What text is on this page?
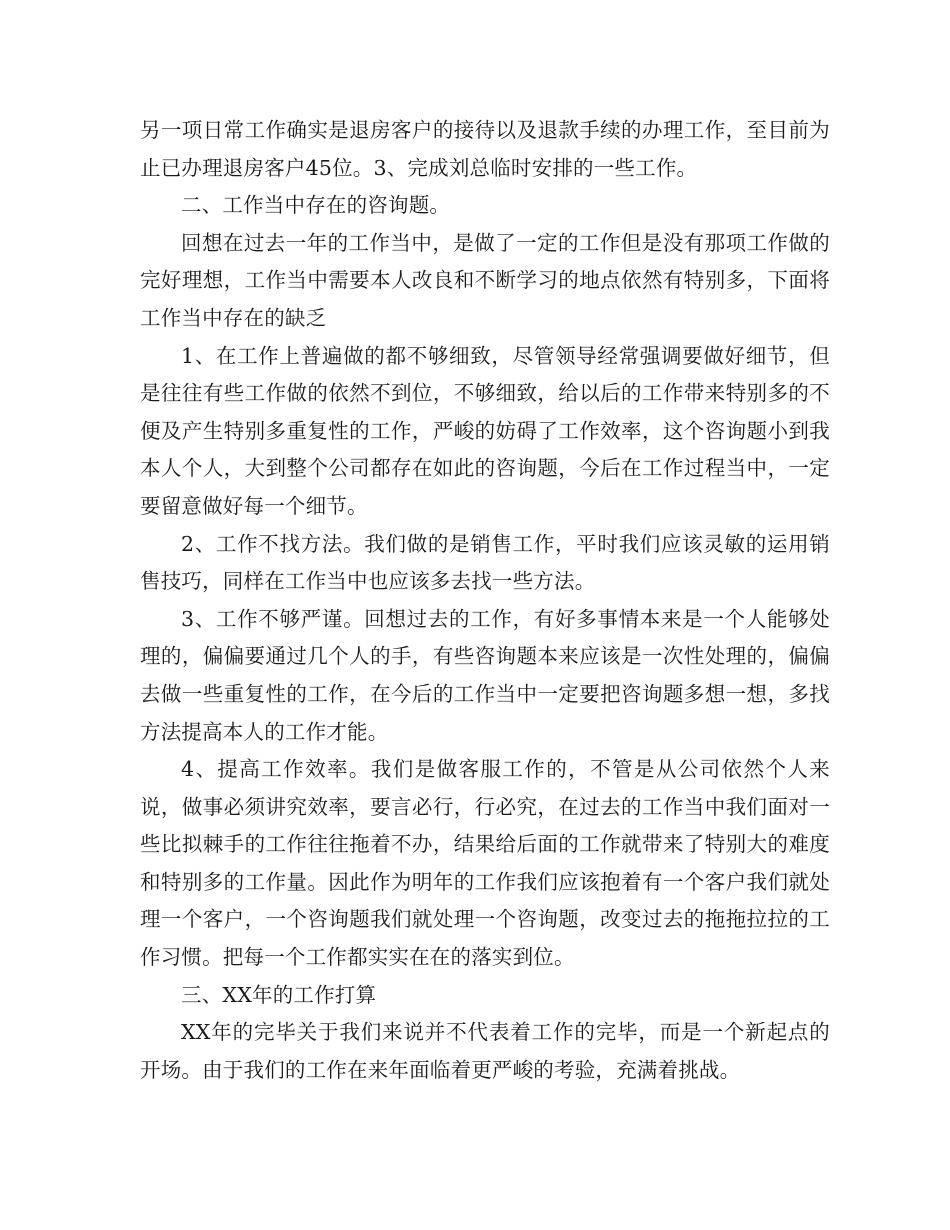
另一项日常工作确实是退房客户的接待以及退款手续的办理工作，至目前为止已办理退房客户45位。3、完成刘总临时安排的一些工作。

二、工作当中存在的咨询题。

回想在过去一年的工作当中，是做了一定的工作但是没有那项工作做的完好理想，工作当中需要本人改良和不断学习的地点依然有特别多，下面将工作当中存在的缺乏

1、在工作上普遍做的都不够细致，尽管领导经常强调要做好细节，但是往往有些工作做的依然不到位，不够细致，给以后的工作带来特别多的不便及产生特别多重复性的工作，严峻的妨碍了工作效率，这个咨询题小到我本人个人，大到整个公司都存在如此的咨询题，今后在工作过程当中，一定要留意做好每一个细节。

2、工作不找方法。我们做的是销售工作，平时我们应该灵敏的运用销售技巧，同样在工作当中也应该多去找一些方法。

3、工作不够严谨。回想过去的工作，有好多事情本来是一个人能够处理的，偏偏要通过几个人的手，有些咨询题本来应该是一次性处理的，偏偏去做一些重复性的工作，在今后的工作当中一定要把咨询题多想一想，多找方法提高本人的工作才能。

4、提高工作效率。我们是做客服工作的，不管是从公司依然个人来说，做事必须讲究效率，要言必行，行必究，在过去的工作当中我们面对一些比拟棘手的工作往往拖着不办，结果给后面的工作就带来了特别大的难度和特别多的工作量。因此作为明年的工作我们应该抱着有一个客户我们就处理一个客户，一个咨询题我们就处理一个咨询题，改变过去的拖拖拉拉的工作习惯。把每一个工作都实实在在的落实到位。

三、XX年的工作打算

XX年的完毕关于我们来说并不代表着工作的完毕，而是一个新起点的开场。由于我们的工作在来年面临着更严峻的考验，充满着挑战。
